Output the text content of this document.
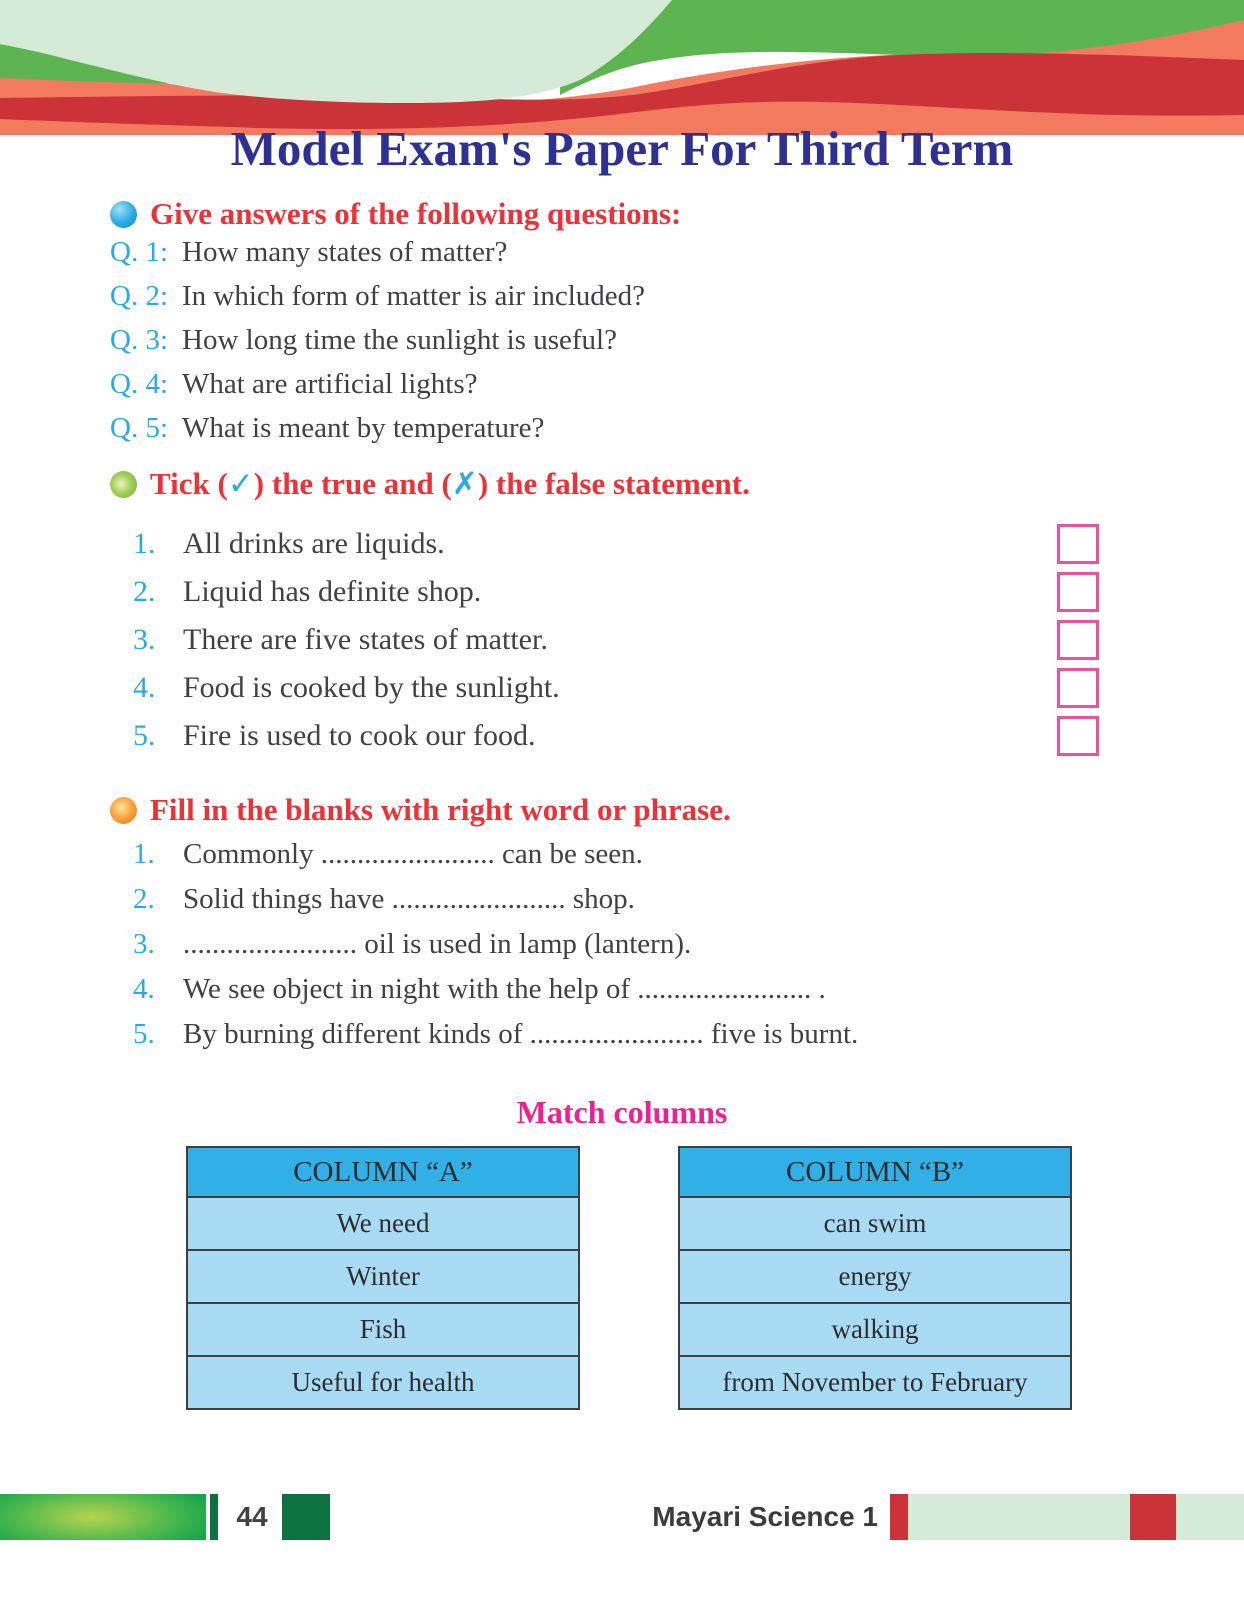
Model Exam's Paper For Third Term
Give answers of the following questions:
Q. 1: How many states of matter?
Q. 2: In which form of matter is air included?
Q. 3: How long time the sunlight is useful?
Q. 4: What are artificial lights?
Q. 5: What is meant by temperature?
Tick (✓) the true and (✗) the false statement.
1. All drinks are liquids.
2. Liquid has definite shop.
3. There are five states of matter.
4. Food is cooked by the sunlight.
5. Fire is used to cook our food.
Fill in the blanks with right word or phrase.
1. Commonly ........................ can be seen.
2. Solid things have ........................ shop.
3. ........................ oil is used in lamp (lantern).
4. We see object in night with the help of ........................ .
5. By burning different kinds of ........................ five is burnt.
Match columns
COLUMN “A”
We need
Winter
Fish
Useful for health
COLUMN “B”
can swim
energy
walking
from November to February
44	Mayari Science 1
